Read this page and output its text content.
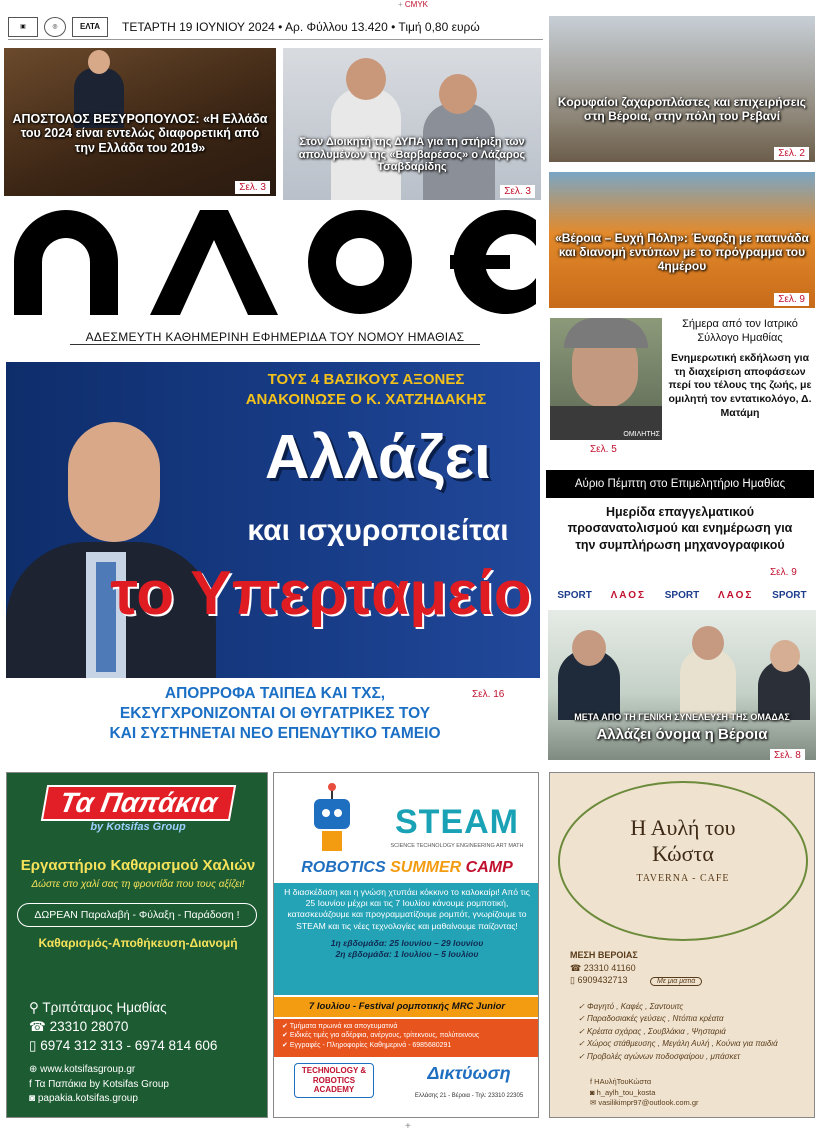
+ CMYK
▣	◎	ΕΛΤΑ	ΤΕΤΑΡΤΗ 19 ΙΟΥΝΙΟΥ 2024 • Αρ. Φύλλου 13.420 • Τιμή 0,80 ευρώ
ΑΠΟΣΤΟΛΟΣ ΒΕΣΥΡΟΠΟΥΛΟΣ: «Η Ελλάδα του 2024 είναι εντελώς διαφορετική από την Ελλάδα του 2019»
Σελ. 3
Στον Διοικητή της ΔΥΠΑ για τη στήριξη των απολυμένων της «Βαρβαρέσος» ο Λάζαρος Τσαβδαρίδης
Σελ. 3
Κορυφαίοι ζαχαροπλάστες και επιχειρήσεις στη Βέροια, στην πόλη του Ρεβανί
Σελ. 2
«Βέροια – Ευχή Πόλη»: Έναρξη με πατινάδα και διανομή εντύπων με το πρόγραμμα του 4ημέρου
Σελ. 9
ΑΔΕΣΜΕΥΤΗ ΚΑΘΗΜΕΡΙΝΗ ΕΦΗΜΕΡΙΔΑ ΤΟΥ ΝΟΜΟΥ ΗΜΑΘΙΑΣ
ΤΟΥΣ 4 ΒΑΣΙΚΟΥΣ ΑΞΟΝΕΣ
ΑΝΑΚΟΙΝΩΣΕ Ο Κ. ΧΑΤΖΗΔΑΚΗΣ
Αλλάζει
και ισχυροποιείται
το Υπερταμείο
ΑΠΟΡΡΟΦΑ ΤΑΙΠΕΔ ΚΑΙ ΤΧΣ,
ΕΚΣΥΓΧΡΟΝΙΖΟΝΤΑΙ ΟΙ ΘΥΓΑΤΡΙΚΕΣ ΤΟΥ
ΚΑΙ ΣΥΣΤΗΝΕΤΑΙ ΝΕΟ ΕΠΕΝΔΥΤΙΚΟ ΤΑΜΕΙΟ
Σελ. 16
ΟΜΙΛΗΤΗΣ
Σελ. 5
Σήμερα από τον Ιατρικό Σύλλογο Ημαθίας
Ενημερωτική εκδήλωση για τη διαχείριση αποφάσεων περί του τέλους της ζωής, με ομιλητή τον εντατικολόγο, Δ. Ματάμη
Αύριο Πέμπτη στο Επιμελητήριο Ημαθίας
Ημερίδα επαγγελματικού προσανατολισμού και ενημέρωση για την συμπλήρωση μηχανογραφικού
Σελ. 9
SPORT ΛΑΟΣ SPORT ΛΑΟΣ SPORT
ΜΕΤΑ ΑΠΟ ΤΗ ΓΕΝΙΚΗ ΣΥΝΕΛΕΥΣΗ ΤΗΣ ΟΜΑΔΑΣ
Αλλάζει όνομα η Βέροια
Σελ. 8
Τα Παπάκια
by Kotsifas Group
Εργαστήριο Καθαρισμού Χαλιών
Δώστε στο χαλί σας τη φροντίδα που τους αξίζει!
ΔΩΡΕΑΝ Παραλαβή - Φύλαξη - Παράδοση !
Καθαρισμός-Αποθήκευση-Διανομή
⚲ Τριπόταμος Ημαθίας
☎ 23310 28070
▯ 6974 312 313 - 6974 814 606
⊕ www.kotsifasgroup.gr
f Τα Παπάκια by Kotsifas Group
◙ papakia.kotsifas.group
STEAM
SCIENCE TECHNOLOGY ENGINEERING ART MATH
ROBOTICS SUMMER CAMP
Η διασκέδαση και η γνώση χτυπάει κόκκινο το καλοκαίρι! Από τις 25 Ιουνίου μέχρι και τις 7 Ιουλίου κάνουμε ρομποτική, κατασκευάζουμε και προγραμματίζουμε ρομπότ, γνωρίζουμε το STEAM και τις νέες τεχνολογίες και μαθαίνουμε παίζοντας!
1η εβδομάδα: 25 Ιουνίου – 29 Ιουνίου
2η εβδομάδα: 1 Ιουλίου – 5 Ιουλίου
7 Ιουλίου - Festival ρομποτικής MRC Junior
✔ Τμήματα πρωινά και απογευματινά
✔ Ειδικές τιμές για αδέρφια, ανέργους, τρίτεκνους, πολύτεκνους
✔ Εγγραφές - Πληροφορίες Καθημερινά - 6985680291
TECHNOLOGY & ROBOTICS ACADEMY
Δικτύωση
Ελλάσης 21 - Βέροια - Τηλ: 23310 22305
Η Αυλή του
Κώστα
TAVERNA - CAFE
ΜΕΣΗ ΒΕΡΟΙΑΣ
☎ 23310 41160
▯ 6909432713	Με μια ματιά
✓ Φαγητό , Καφές , Σαντουιτς
✓ Παραδοσιακές γεύσεις , Ντόπια κρέατα
✓ Κρέατα σχάρας , Σουβλάκια , Ψησταριά
✓ Χώρος στάθμευσης , Μεγάλη Αυλή , Κούνια για παιδιά
✓ Προβολές αγώνων ποδοσφαίρου , μπάσκετ
f ΗΑυλήΤουΚώστα
◙ h_aylh_tou_kosta
✉ vasilikimpr97@outlook.com.gr
+
